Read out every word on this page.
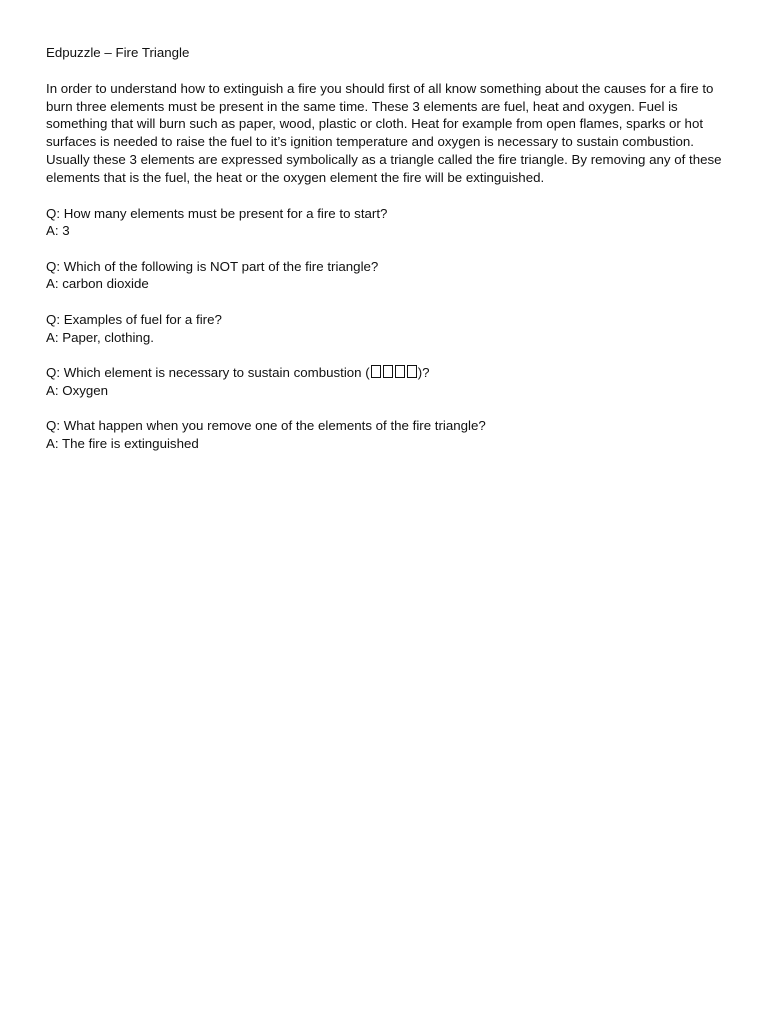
Edpuzzle – Fire Triangle

In order to understand how to extinguish a fire you should first of all know something about the causes for a fire to burn three elements must be present in the same time. These 3 elements are fuel, heat and oxygen. Fuel is something that will burn such as paper, wood, plastic or cloth. Heat for example from open flames, sparks or hot surfaces is needed to raise the fuel to it’s ignition temperature and oxygen is necessary to sustain combustion. Usually these 3 elements are expressed symbolically as a triangle called the fire triangle. By removing any of these elements that is the fuel, the heat or the oxygen element the fire will be extinguished.

Q: How many elements must be present for a fire to start?

A: 3

Q: Which of the following is NOT part of the fire triangle?

A: carbon dioxide

Q: Examples of fuel for a fire?

A: Paper, clothing.

Q: Which element is necessary to sustain combustion (	)?

A: Oxygen

Q: What happen when you remove one of the elements of the fire triangle?

A: The fire is extinguished
